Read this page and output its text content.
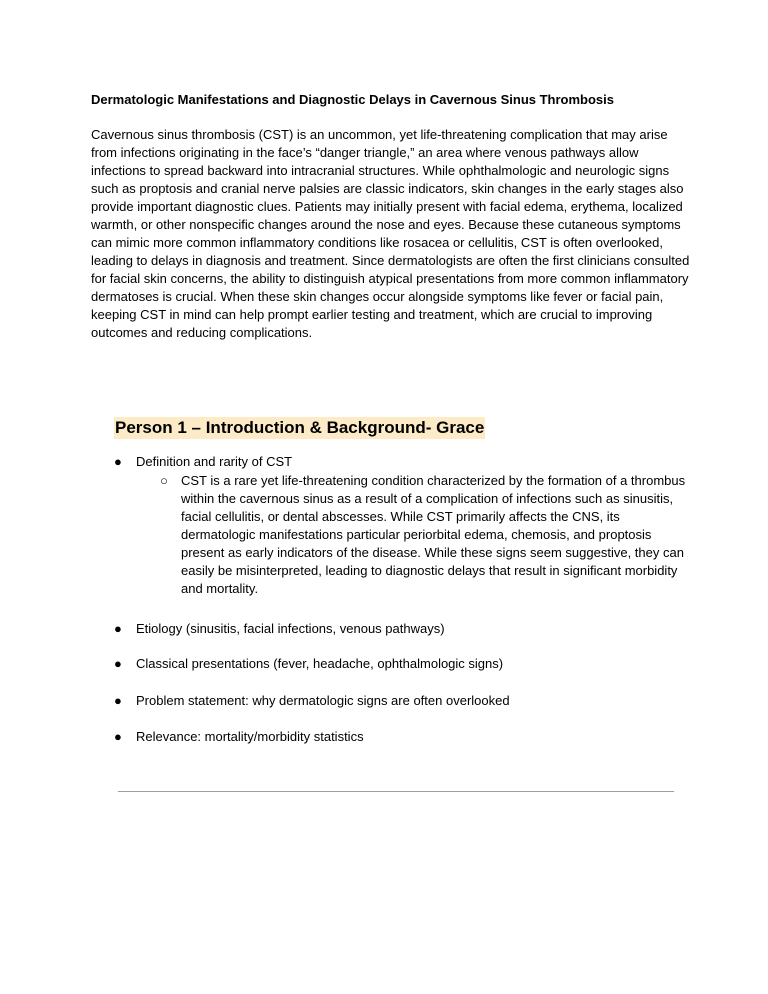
Dermatologic Manifestations and Diagnostic Delays in Cavernous Sinus Thrombosis

Cavernous sinus thrombosis (CST) is an uncommon, yet life-threatening complication that may arise from infections originating in the face’s “danger triangle,” an area where venous pathways allow infections to spread backward into intracranial structures. While ophthalmologic and neurologic signs such as proptosis and cranial nerve palsies are classic indicators, skin changes in the early stages also provide important diagnostic clues. Patients may initially present with facial edema, erythema, localized warmth, or other nonspecific changes around the nose and eyes. Because these cutaneous symptoms can mimic more common inflammatory conditions like rosacea or cellulitis, CST is often overlooked, leading to delays in diagnosis and treatment. Since dermatologists are often the first clinicians consulted for facial skin concerns, the ability to distinguish atypical presentations from more common inflammatory dermatoses is crucial. When these skin changes occur alongside symptoms like fever or facial pain, keeping CST in mind can help prompt earlier testing and treatment, which are crucial to improving outcomes and reducing complications.

Person 1 – Introduction & Background- Grace
●	Definition and rarity of CST
○	CST is a rare yet life-threatening condition characterized by the formation of a thrombus within the cavernous sinus as a result of a complication of infections such as sinusitis, facial cellulitis, or dental abscesses. While CST primarily affects the CNS, its dermatologic manifestations particular periorbital edema, chemosis, and proptosis present as early indicators of the disease. While these signs seem suggestive, they can easily be misinterpreted, leading to diagnostic delays that result in significant morbidity and mortality.
●	Etiology (sinusitis, facial infections, venous pathways)
●	Classical presentations (fever, headache, ophthalmologic signs)
●	Problem statement: why dermatologic signs are often overlooked
●	Relevance: mortality/morbidity statistics
